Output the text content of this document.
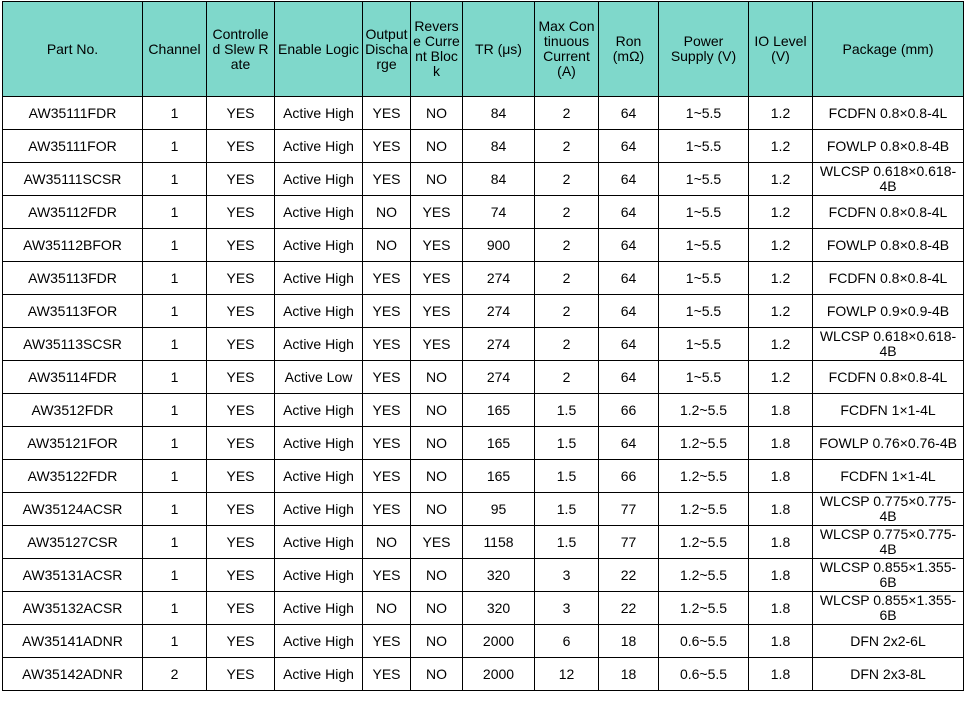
Part No.	Channel	Controlled Slew Rate	Enable Logic	Output Discharge	Reverse Current Block	TR (μs)	Max Continuous Current (A)	Ron (mΩ)	Power Supply (V)	IO Level (V)	Package (mm)
AW35111FDR	1	YES	Active High	YES	NO	84	2	64	1~5.5	1.2	FCDFN 0.8×0.8-4L
AW35111FOR	1	YES	Active High	YES	NO	84	2	64	1~5.5	1.2	FOWLP 0.8×0.8-4B
AW35111SCSR	1	YES	Active High	YES	NO	84	2	64	1~5.5	1.2	WLCSP 0.618×0.618-4B
AW35112FDR	1	YES	Active High	NO	YES	74	2	64	1~5.5	1.2	FCDFN 0.8×0.8-4L
AW35112BFOR	1	YES	Active High	NO	YES	900	2	64	1~5.5	1.2	FOWLP 0.8×0.8-4B
AW35113FDR	1	YES	Active High	YES	YES	274	2	64	1~5.5	1.2	FCDFN 0.8×0.8-4L
AW35113FOR	1	YES	Active High	YES	YES	274	2	64	1~5.5	1.2	FOWLP 0.9×0.9-4B
AW35113SCSR	1	YES	Active High	YES	YES	274	2	64	1~5.5	1.2	WLCSP 0.618×0.618-4B
AW35114FDR	1	YES	Active Low	YES	NO	274	2	64	1~5.5	1.2	FCDFN 0.8×0.8-4L
AW3512FDR	1	YES	Active High	YES	NO	165	1.5	66	1.2~5.5	1.8	FCDFN 1×1-4L
AW35121FOR	1	YES	Active High	YES	NO	165	1.5	64	1.2~5.5	1.8	FOWLP 0.76×0.76-4B
AW35122FDR	1	YES	Active High	YES	NO	165	1.5	66	1.2~5.5	1.8	FCDFN 1×1-4L
AW35124ACSR	1	YES	Active High	YES	NO	95	1.5	77	1.2~5.5	1.8	WLCSP 0.775×0.775-4B
AW35127CSR	1	YES	Active High	NO	YES	1158	1.5	77	1.2~5.5	1.8	WLCSP 0.775×0.775-4B
AW35131ACSR	1	YES	Active High	YES	NO	320	3	22	1.2~5.5	1.8	WLCSP 0.855×1.355-6B
AW35132ACSR	1	YES	Active High	NO	NO	320	3	22	1.2~5.5	1.8	WLCSP 0.855×1.355-6B
AW35141ADNR	1	YES	Active High	YES	NO	2000	6	18	0.6~5.5	1.8	DFN 2x2-6L
AW35142ADNR	2	YES	Active High	YES	NO	2000	12	18	0.6~5.5	1.8	DFN 2x3-8L
